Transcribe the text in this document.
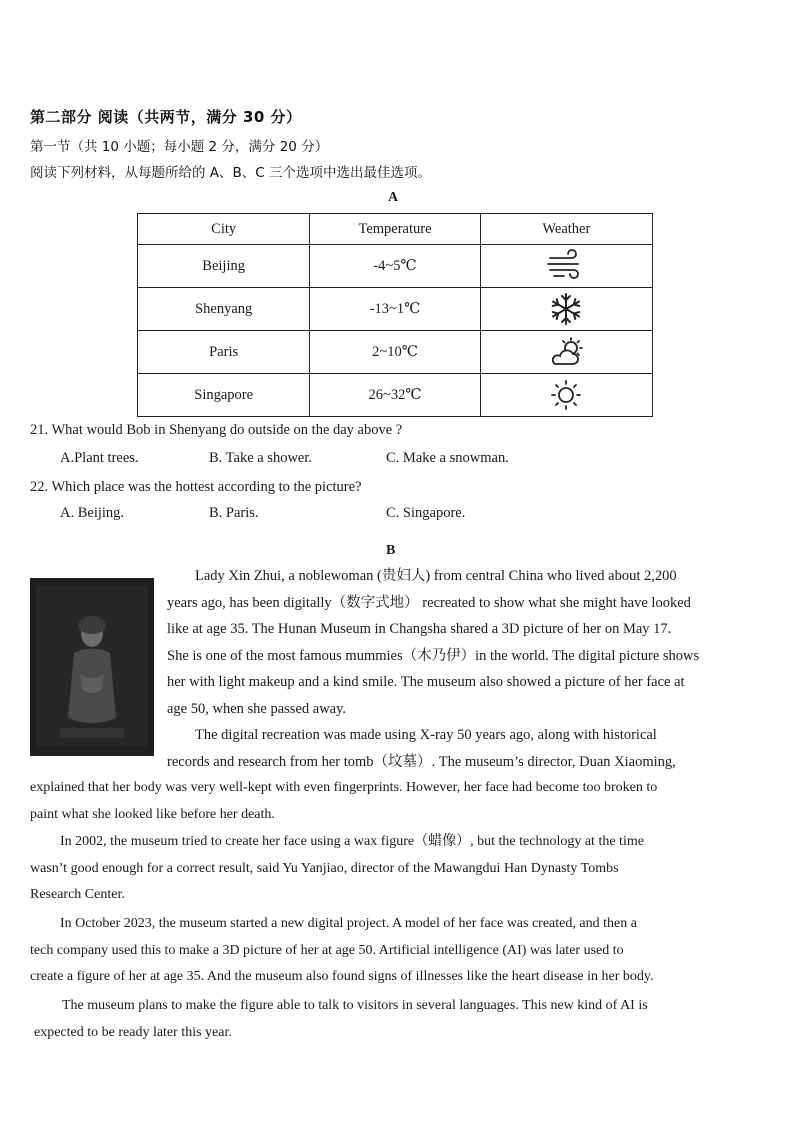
第二部分 阅读（共两节，满分 30 分）
第一节（共 10 小题；每小题 2 分，满分 20 分）
阅读下列材料，从每题所给的 A、B、C 三个选项中选出最佳选项。
A
City	Temperature	Weather
Beijing	-4~5℃	

Shenyang	-13~1℃	

Paris	2~10℃	

Singapore	26~32℃	
21. What would Bob in Shenyang do outside on the day above ?
A.Plant trees.	B. Take a shower.	C. Make a snowman.
22. Which place was the hottest according to the picture?
A. Beijing.	B. Paris.	C. Singapore.
B
Lady Xin Zhui, a noblewoman (贵妇人) from central China who lived about 2,200
years ago, has been digitally（数字式地） recreated to show what she might have looked
like at age 35. The Hunan Museum in Changsha shared a 3D picture of her on May 17.
She is one of the most famous mummies（木乃伊）in the world. The digital picture shows
her with light makeup and a kind smile. The museum also showed a picture of her face at
age 50, when she passed away.
The digital recreation was made using X-ray 50 years ago, along with historical
records and research from her tomb（坟墓）. The museum’s director, Duan Xiaoming,
explained that her body was very well-kept with even fingerprints. However, her face had become too broken to
paint what she looked like before her death.
In 2002, the museum tried to create her face using a wax figure（蜡像）, but the technology at the time
wasn’t good enough for a correct result, said Yu Yanjiao, director of the Mawangdui Han Dynasty Tombs
Research Center.
In October 2023, the museum started a new digital project. A model of her face was created, and then a
tech company used this to make a 3D picture of her at age 50. Artificial intelligence (AI) was later used to
create a figure of her at age 35. And the museum also found signs of illnesses like the heart disease in her body.
The museum plans to make the figure able to talk to visitors in several languages. This new kind of AI is
expected to be ready later this year.
